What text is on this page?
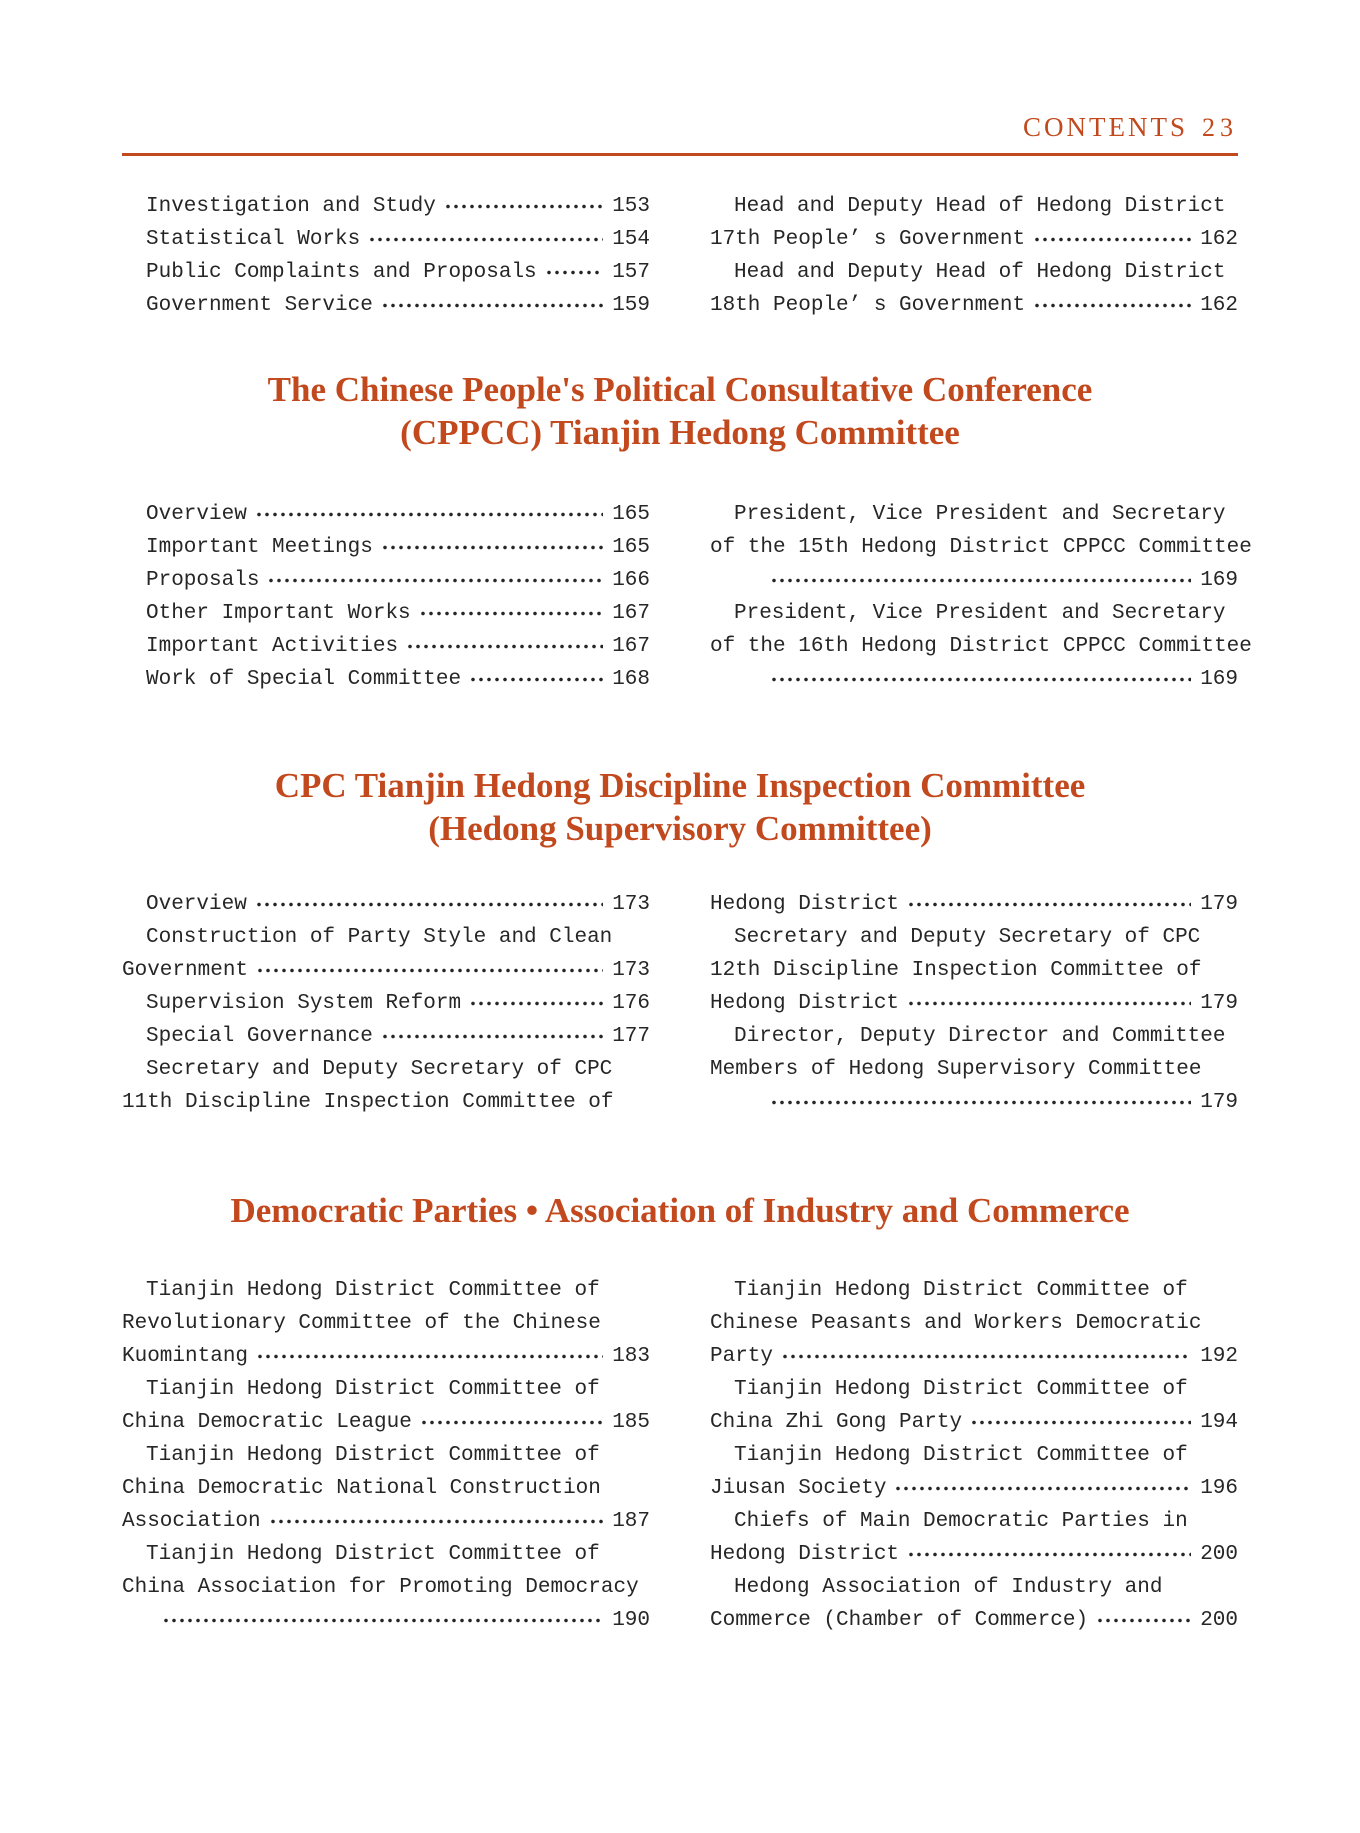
CONTENTS 23
Investigation and Study	153
Statistical Works	154
Public Complaints and Proposals	157
Government Service	159
Head and Deputy Head of Hedong District
17th People’ s Government	162
Head and Deputy Head of Hedong District
18th People’ s Government	162
The Chinese People's Political Consultative Conference
(CPPCC) Tianjin Hedong Committee
Overview	165
Important Meetings	165
Proposals	166
Other Important Works	167
Important Activities	167
Work of Special Committee	168
President, Vice President and Secretary
of the 15th Hedong District CPPCC Committee
169
President, Vice President and Secretary
of the 16th Hedong District CPPCC Committee
169
CPC Tianjin Hedong Discipline Inspection Committee
(Hedong Supervisory Committee)
Overview	173
Construction of Party Style and Clean
Government	173
Supervision System Reform	176
Special Governance	177
Secretary and Deputy Secretary of CPC
11th Discipline Inspection Committee of
Hedong District	179
Secretary and Deputy Secretary of CPC
12th Discipline Inspection Committee of
Hedong District	179
Director, Deputy Director and Committee
Members of Hedong Supervisory Committee
179
Democratic Parties • Association of Industry and Commerce
Tianjin Hedong District Committee of
Revolutionary Committee of the Chinese
Kuomintang	183
Tianjin Hedong District Committee of
China Democratic League	185
Tianjin Hedong District Committee of
China Democratic National Construction
Association	187
Tianjin Hedong District Committee of
China Association for Promoting Democracy
190
Tianjin Hedong District Committee of
Chinese Peasants and Workers Democratic
Party	192
Tianjin Hedong District Committee of
China Zhi Gong Party	194
Tianjin Hedong District Committee of
Jiusan Society	196
Chiefs of Main Democratic Parties in
Hedong District	200
Hedong Association of Industry and
Commerce (Chamber of Commerce)	200
